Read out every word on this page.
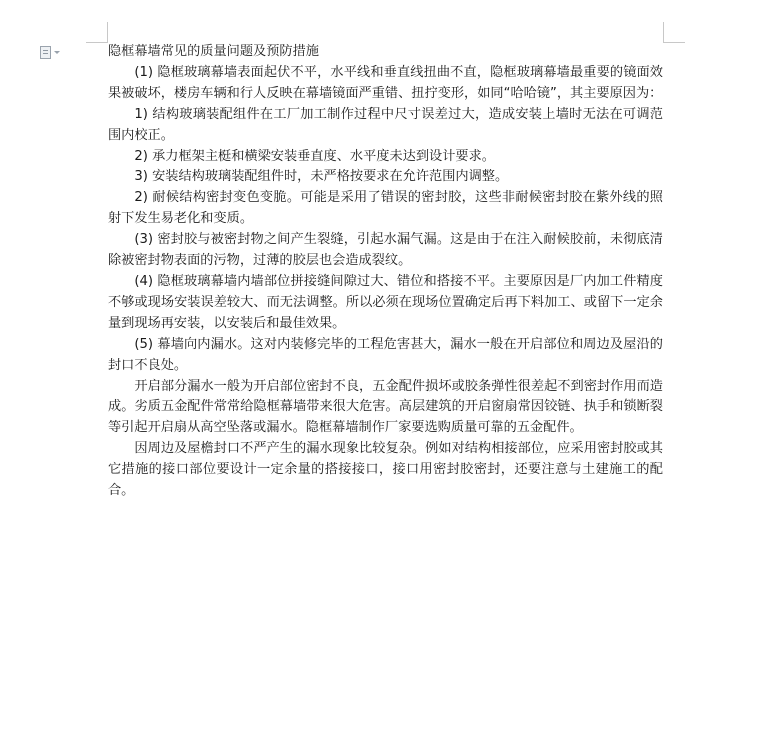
隐框幕墙常见的质量问题及预防措施

(1) 隐框玻璃幕墙表面起伏不平，水平线和垂直线扭曲不直，隐框玻璃幕墙最重要的镜面效果被破坏，楼房车辆和行人反映在幕墙镜面严重错、扭拧变形，如同“哈哈镜”，其主要原因为：

1) 结构玻璃装配组件在工厂加工制作过程中尺寸误差过大，造成安装上墙时无法在可调范围内校正。

2) 承力框架主梃和横梁安装垂直度、水平度未达到设计要求。

3) 安装结构玻璃装配组件时，未严格按要求在允许范围内调整。

2) 耐候结构密封变色变脆。可能是采用了错误的密封胶，这些非耐候密封胶在紫外线的照射下发生易老化和变质。

(3) 密封胶与被密封物之间产生裂缝，引起水漏气漏。这是由于在注入耐候胶前，未彻底清除被密封物表面的污物，过薄的胶层也会造成裂纹。

(4) 隐框玻璃幕墙内墙部位拼接缝间隙过大、错位和搭接不平。主要原因是厂内加工件精度不够或现场安装误差较大、而无法调整。所以必须在现场位置确定后再下料加工、或留下一定余量到现场再安装，以安装后和最佳效果。

(5) 幕墙向内漏水。这对内装修完毕的工程危害甚大，漏水一般在开启部位和周边及屋沿的封口不良处。

开启部分漏水一般为开启部位密封不良，五金配件损坏或胶条弹性很差起不到密封作用而造成。劣质五金配件常常给隐框幕墙带来很大危害。高层建筑的开启窗扇常因铰链、执手和锁断裂等引起开启扇从高空坠落或漏水。隐框幕墙制作厂家要选购质量可靠的五金配件。

因周边及屋檐封口不严产生的漏水现象比较复杂。例如对结构相接部位，应采用密封胶或其它措施的接口部位要设计一定余量的搭接接口，接口用密封胶密封，还要注意与土建施工的配合。
